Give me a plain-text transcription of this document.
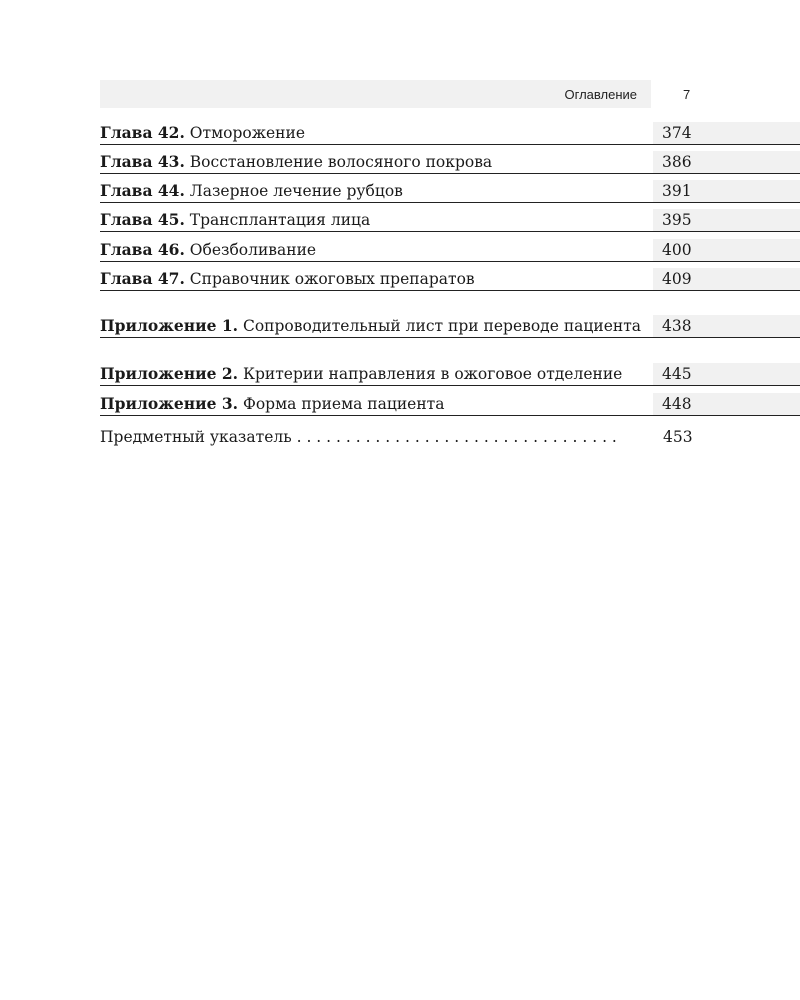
Оглавление	7
Глава 42. Отморожение	374
Глава 43. Восстановление волосяного покрова	386
Глава 44. Лазерное лечение рубцов	391
Глава 45. Трансплантация лица	395
Глава 46. Обезболивание	400
Глава 47. Справочник ожоговых препаратов	409
Приложение 1. Сопроводительный лист при переводе пациента 438
Приложение 2. Критерии направления в ожоговое отделение	445
Приложение 3. Форма приема пациента	448
Предметный указатель . . . . . . . . . . . . . . . . . . . . . . . . . . . . . . . . .	453
